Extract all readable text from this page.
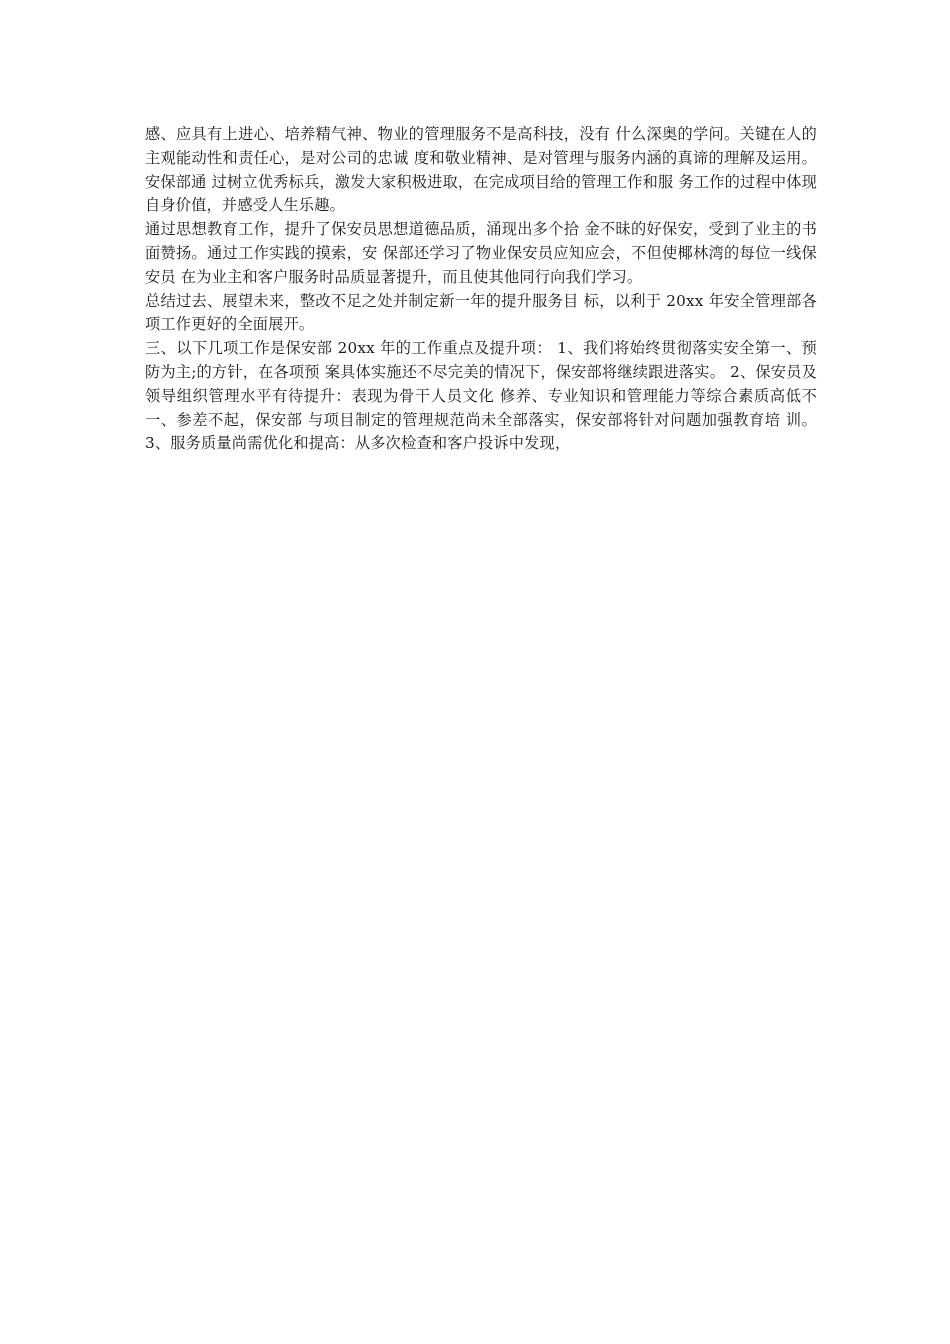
感、应具有上进心、培养精气神、物业的管理服务不是高科技，没有 什么深奥的学问。关键在人的主观能动性和责任心，是对公司的忠诚 度和敬业精神、是对管理与服务内涵的真谛的理解及运用。安保部通 过树立优秀标兵，激发大家积极进取，在完成项目给的管理工作和服 务工作的过程中体现自身价值，并感受人生乐趣。

通过思想教育工作，提升了保安员思想道德品质，涌现出多个拾 金不昧的好保安，受到了业主的书面赞扬。通过工作实践的摸索，安 保部还学习了物业保安员应知应会，不但使椰林湾的每位一线保安员 在为业主和客户服务时品质显著提升，而且使其他同行向我们学习。

总结过去、展望未来，整改不足之处并制定新一年的提升服务目 标，以利于 20xx 年安全管理部各项工作更好的全面展开。

三、以下几项工作是保安部 20xx 年的工作重点及提升项： 1、我们将始终贯彻落实安全第一、预防为主;的方针，在各项预 案具体实施还不尽完美的情况下，保安部将继续跟进落实。 2、保安员及领导组织管理水平有待提升：表现为骨干人员文化 修养、专业知识和管理能力等综合素质高低不一、参差不起，保安部 与项目制定的管理规范尚未全部落实，保安部将针对问题加强教育培 训。 3、服务质量尚需优化和提高：从多次检查和客户投诉中发现，
